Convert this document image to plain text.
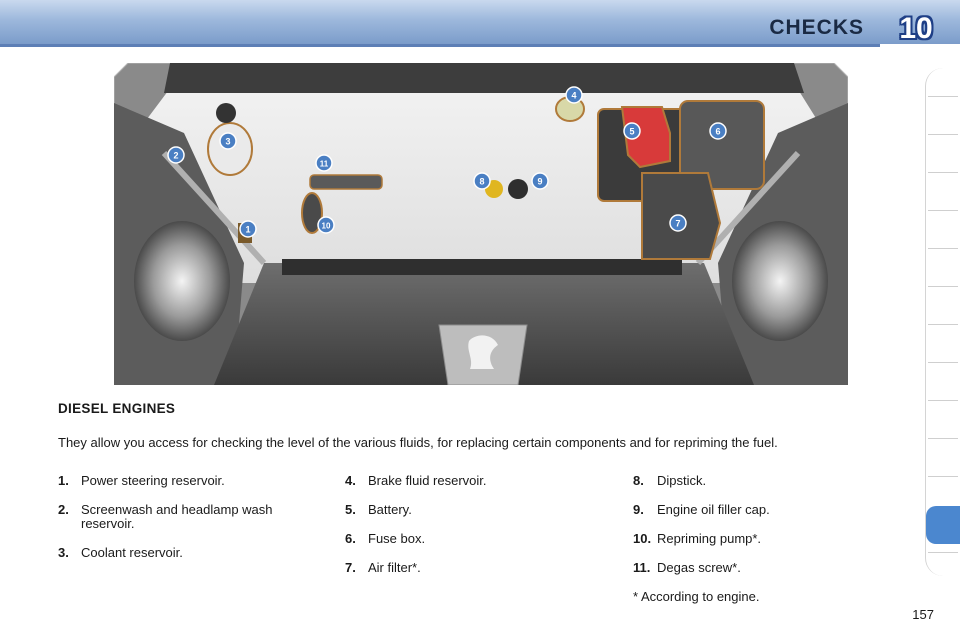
CHECKS 10
1
2
3
4
5	6
7
8	9
10
11
DIESEL ENGINES
They allow you access for checking the level of the various fluids, for replacing certain components and for repriming the fuel.
1. Power steering reservoir.
2. Screenwash and headlamp wash reservoir.
3. Coolant reservoir.
4. Brake fluid reservoir.
5. Battery.
6. Fuse box.
7. Air filter*.
8. Dipstick.
9. Engine oil filler cap.
10. Repriming pump*.
11. Degas screw*.
* According to engine.
157
